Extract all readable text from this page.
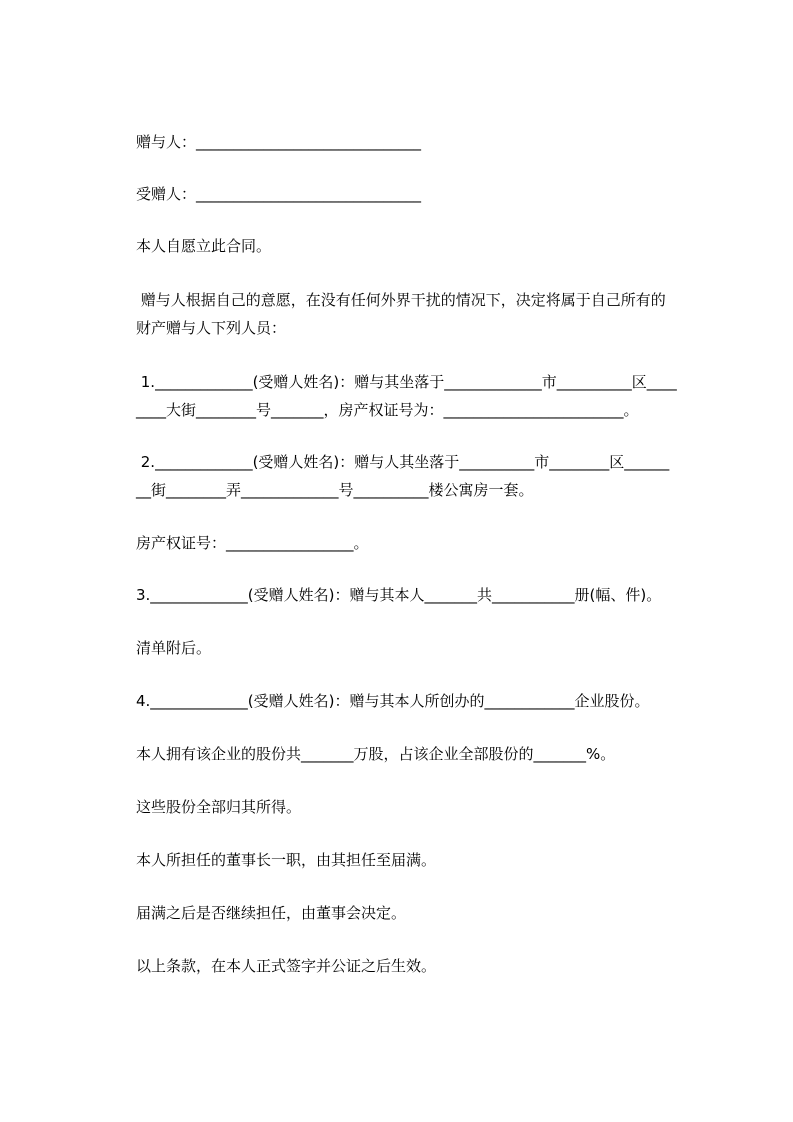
赠与人：______________________________
受赠人：______________________________
本人自愿立此合同。
赠与人根据自己的意愿，在没有任何外界干扰的情况下，决定将属于自己所有的
财产赠与人下列人员：
1._____________(受赠人姓名)：赠与其坐落于_____________市__________区____
____大街________号_______，房产权证号为：________________________。
2._____________(受赠人姓名)：赠与人其坐落于__________市________区______
__街________弄_____________号__________楼公寓房一套。
房产权证号：_________________。
3._____________(受赠人姓名)：赠与其本人_______共___________册(幅、件)。
清单附后。
4._____________(受赠人姓名)：赠与其本人所创办的____________企业股份。
本人拥有该企业的股份共_______万股，占该企业全部股份的_______%。
这些股份全部归其所得。
本人所担任的董事长一职，由其担任至届满。
届满之后是否继续担任，由董事会决定。
以上条款，在本人正式签字并公证之后生效。
